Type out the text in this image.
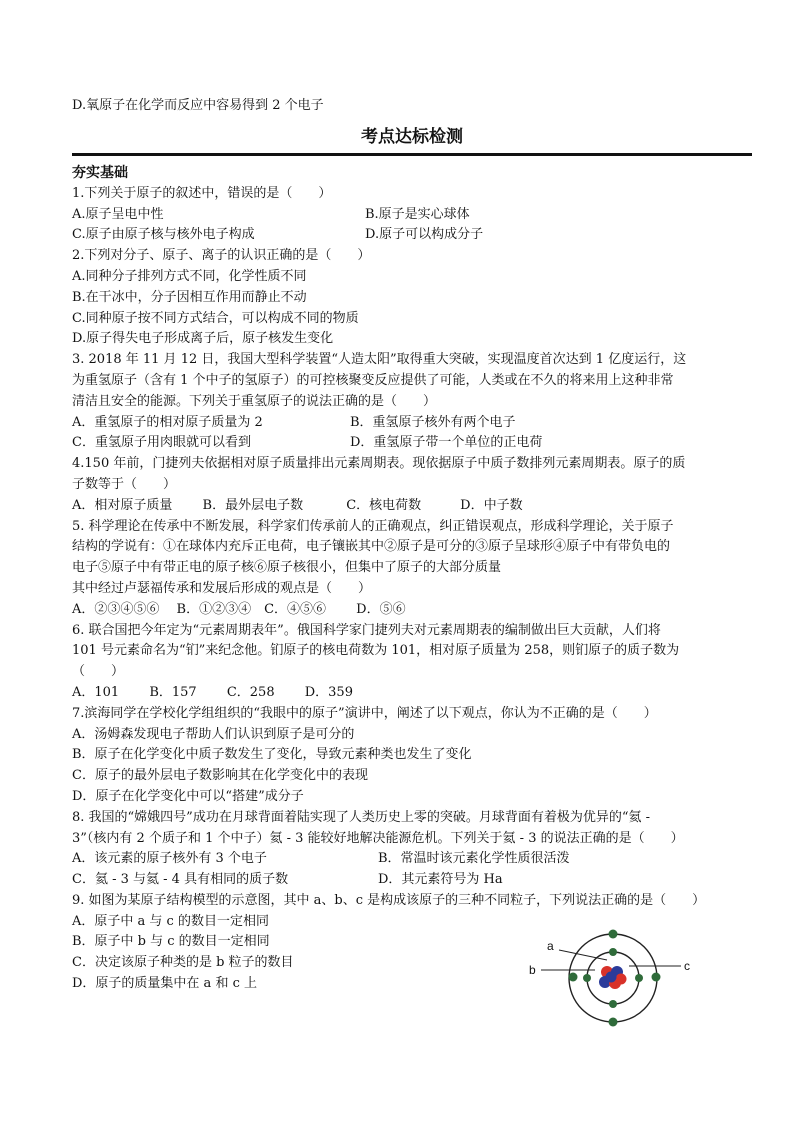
D.氧原子在化学而反应中容易得到 2 个电子
考点达标检测
夯实基础
1.下列关于原子的叙述中，错误的是（　　）
A.原子呈电中性	B.原子是实心球体
C.原子由原子核与核外电子构成	D.原子可以构成分子
2.下列对分子、原子、离子的认识正确的是（　　）
A.同种分子排列方式不同，化学性质不同
B.在干冰中，分子因相互作用而静止不动
C.同种原子按不同方式结合，可以构成不同的物质
D.原子得失电子形成离子后，原子核发生变化
3. 2018 年 11 月 12 日，我国大型科学装置“人造太阳”取得重大突破，实现温度首次达到 1 亿度运行，这
为重氢原子（含有 1 个中子的氢原子）的可控核聚变反应提供了可能，人类或在不久的将来用上这种非常
清洁且安全的能源。下列关于重氢原子的说法正确的是（　　）
A．重氢原子的相对原子质量为 2	B．重氢原子核外有两个电子
C．重氢原子用肉眼就可以看到	D．重氢原子带一个单位的正电荷
4.150 年前，门捷列夫依据相对原子质量排出元素周期表。现依据原子中质子数排列元素周期表。原子的质
子数等于（　　）
A．相对原子质量　　 B．最外层电子数　　　 C．核电荷数　　　D．中子数
5. 科学理论在传承中不断发展，科学家们传承前人的正确观点，纠正错误观点，形成科学理论，关于原子
结构的学说有：①在球体内充斥正电荷，电子镶嵌其中②原子是可分的③原子呈球形④原子中有带负电的
电子⑤原子中有带正电的原子核⑥原子核很小，但集中了原子的大部分质量
其中经过卢瑟福传承和发展后形成的观点是（　　）
A．②③④⑤⑥　 B．①②③④　C．④⑤⑥　　 D．⑤⑥
6. 联合国把今年定为“元素周期表年”。俄国科学家门捷列夫对元素周期表的编制做出巨大贡献，人们将
101 号元素命名为“钔”来纪念他。钔原子的核电荷数为 101，相对原子质量为 258，则钔原子的质子数为
（　　）
A．101　　 B．157　　 C．258　　 D．359
7.滨海同学在学校化学组组织的“我眼中的原子”演讲中，阐述了以下观点，你认为不正确的是（　　）
A．汤姆森发现电子帮助人们认识到原子是可分的
B．原子在化学变化中质子数发生了变化，导致元素种类也发生了变化
C．原子的最外层电子数影响其在化学变化中的表现
D．原子在化学变化中可以“搭建”成分子
8. 我国的“嫦娥四号”成功在月球背面着陆实现了人类历史上零的突破。月球背面有着极为优异的“氦 -
3”（核内有 2 个质子和 1 个中子）氦 - 3 能较好地解决能源危机。下列关于氦 - 3 的说法正确的是（　　）
A．该元素的原子核外有 3 个电子	B．常温时该元素化学性质很活泼
C．氦 - 3 与氦 - 4 具有相同的质子数	D．其元素符号为 Ha
9. 如图为某原子结构模型的示意图，其中 a、b、c 是构成该原子的三种不同粒子，下列说法正确的是（　　）
A．原子中 a 与 c 的数目一定相同
B．原子中 b 与 c 的数目一定相同
C．决定该原子种类的是 b 粒子的数目
D．原子的质量集中在 a 和 c 上
a
b	c
